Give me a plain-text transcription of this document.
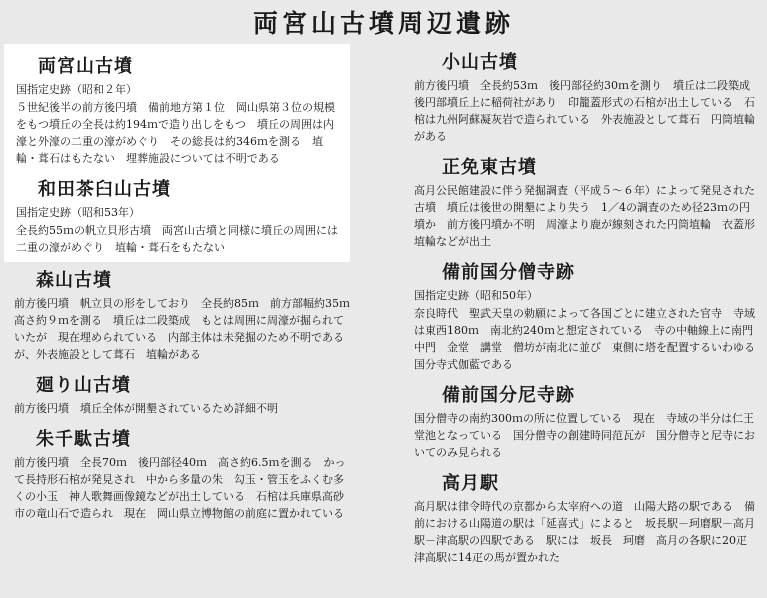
両宮山古墳周辺遺跡
両宮山古墳
国指定史跡（昭和２年）
５世紀後半の前方後円墳　備前地方第１位　岡山県第３位の規模をもつ墳丘の全長は約194ｍで造り出しをもつ　墳丘の周囲は内濠と外濠の二重の濠がめぐり　その総長は約346ｍを測る　埴輪・葺石はもたない　埋葬施設については不明である
和田茶臼山古墳
国指定史跡（昭和53年）
全長約55ｍの帆立貝形古墳　両宮山古墳と同様に墳丘の周囲には二重の濠がめぐり　埴輪・葺石をもたない
森山古墳
前方後円墳　帆立貝の形をしており　全長約85ｍ　前方部幅約35ｍ　高さ約９ｍを測る　墳丘は二段築成　もとは周囲に周濠が掘られていたが　現在埋められている　内部主体は未発掘のため不明であるが、外表施設として葺石　埴輪がある
廻り山古墳
前方後円墳　墳丘全体が開墾されているため詳細不明
朱千駄古墳
前方後円墳　全長70ｍ　後円部径40ｍ　高さ約6.5ｍを測る　かって長持形石棺が発見され　中から多量の朱　勾玉・管玉をふくむ多くの小玉　神人歌舞画像鏡などが出土している　石棺は兵庫県高砂市の竜山石で造られ　現在　岡山県立博物館の前庭に置かれている
小山古墳
前方後円墳　全長約53ｍ　後円部径約30ｍを測り　墳丘は二段築成　後円部墳丘上に稲荷社があり　印籠蓋形式の石棺が出土している　石棺は九州阿蘇凝灰岩で造られている　外表施設として葺石　円筒埴輪がある
正免東古墳
高月公民館建設に伴う発掘調査（平成５～６年）によって発見された古墳　墳丘は後世の開墾により失う　1／4の調査のため径23ｍの円墳か　前方後円墳か不明　周濠より鹿が線刻された円筒埴輪　衣蓋形埴輪などが出土
備前国分僧寺跡
国指定史跡（昭和50年）
奈良時代　聖武天皇の勅願によって各国ごとに建立された官寺　寺域は東西180ｍ　南北約240ｍと想定されている　寺の中軸線上に南門　中門　金堂　講堂　僧坊が南北に並び　東側に塔を配置するいわゆる国分寺式伽藍である
備前国分尼寺跡
国分僧寺の南約300ｍの所に位置している　現在　寺域の半分は仁王堂池となっている　国分僧寺の創建時同范瓦が　国分僧寺と尼寺においてのみ見られる
高月駅
高月駅は律令時代の京都から太宰府への道　山陽大路の駅である　備前における山陽道の駅は「延喜式」によると　坂長駅－珂磨駅－高月駅－津高駅の四駅である　駅には　坂長　珂磨　高月の各駅に20疋　津高駅に14疋の馬が置かれた
